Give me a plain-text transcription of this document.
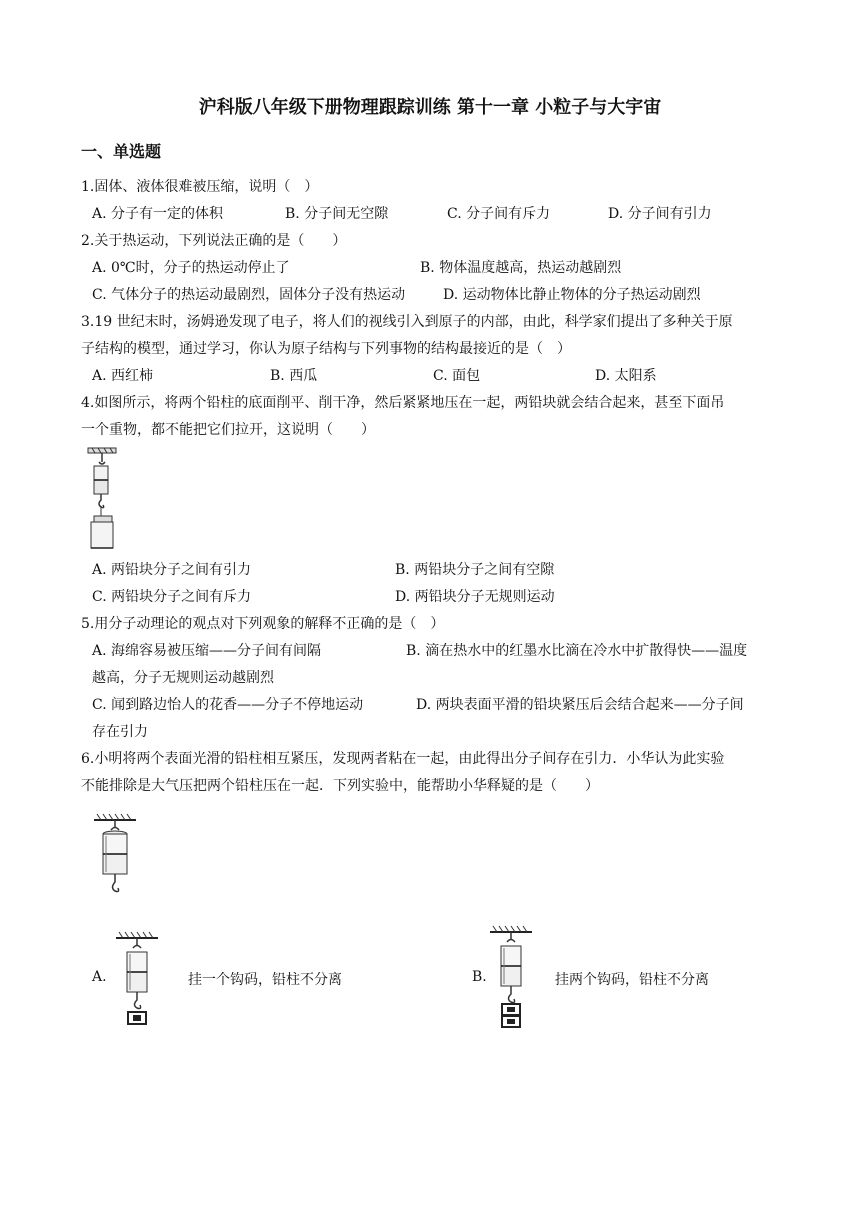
沪科版八年级下册物理跟踪训练 第十一章 小粒子与大宇宙
一、单选题
1.固体、液体很难被压缩，说明（　）
A. 分子有一定的体积	B. 分子间无空隙	C. 分子间有斥力	D. 分子间有引力
2.关于热运动，下列说法正确的是（　　）
A. 0℃时，分子的热运动停止了	B. 物体温度越高，热运动越剧烈
C. 气体分子的热运动最剧烈，固体分子没有热运动	D. 运动物体比静止物体的分子热运动剧烈
3.19 世纪末时，汤姆逊发现了电子，将人们的视线引入到原子的内部，由此，科学家们提出了多种关于原
子结构的模型，通过学习，你认为原子结构与下列事物的结构最接近的是（　）
A. 西红柿	B. 西瓜	C. 面包	D. 太阳系
4.如图所示，将两个铅柱的底面削平、削干净，然后紧紧地压在一起，两铅块就会结合起来，甚至下面吊
一个重物，都不能把它们拉开，这说明（　　）
A. 两铅块分子之间有引力	B. 两铅块分子之间有空隙
C. 两铅块分子之间有斥力	D. 两铅块分子无规则运动
5.用分子动理论的观点对下列观象的解释不正确的是（　）
A. 海绵容易被压缩——分子间有间隔	B. 滴在热水中的红墨水比滴在冷水中扩散得快——温度
越高，分子无规则运动越剧烈
C. 闻到路边怡人的花香——分子不停地运动	D. 两块表面平滑的铅块紧压后会结合起来——分子间
存在引力
6.小明将两个表面光滑的铅柱相互紧压，发现两者粘在一起，由此得出分子间存在引力．小华认为此实验
不能排除是大气压把两个铅柱压在一起．下列实验中，能帮助小华释疑的是（　　）
A.	挂一个钩码，铅柱不分离	B.	挂两个钩码，铅柱不分离
